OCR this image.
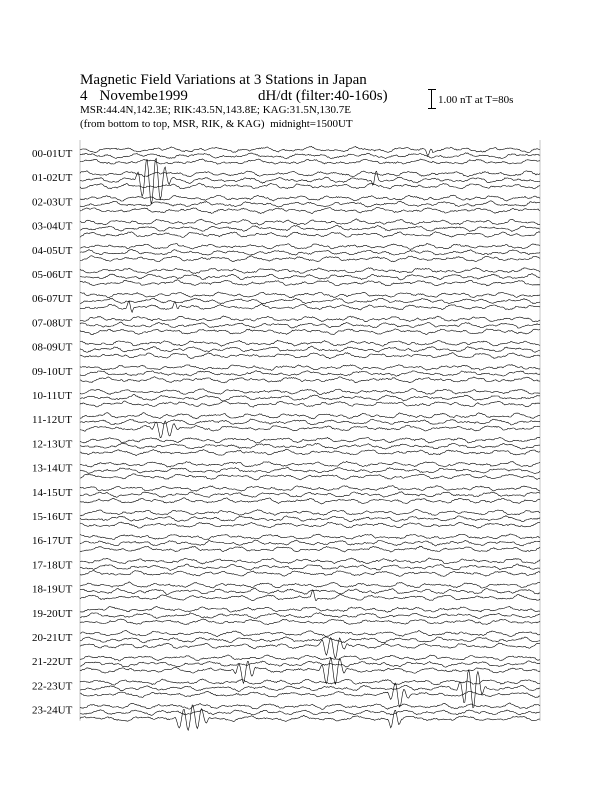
Magnetic Field Variations at 3 Stations in Japan
4 Novembe1999	dH/dt (filter:40-160s)
MSR:44.4N,142.3E; RIK:43.5N,143.8E; KAG:31.5N,130.7E
(from bottom to top, MSR, RIK, & KAG) midnight=1500UT
1.00 nT at T=80s
00-01UT
01-02UT
02-03UT
03-04UT
04-05UT
05-06UT
06-07UT
07-08UT
08-09UT
09-10UT
10-11UT
11-12UT
12-13UT
13-14UT
14-15UT
15-16UT
16-17UT
17-18UT
18-19UT
19-20UT
20-21UT
21-22UT
22-23UT
23-24UT
